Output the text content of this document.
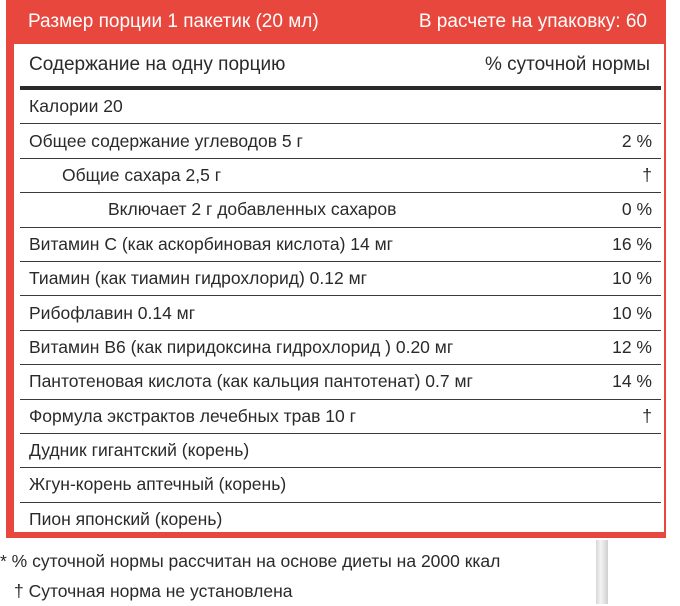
Размер порции 1 пакетик (20 мл)	В расчете на упаковку: 60
Содержание на одну порцию	% суточной нормы
Калории 20
Общее содержание углеводов 5 г	2 %
Общие сахара 2,5 г	†
Включает 2 г добавленных сахаров	0 %
Витамин C (как аскорбиновая кислота) 14 мг	16 %
Тиамин (как тиамин гидрохлорид) 0.12 мг	10 %
Рибофлавин 0.14 мг	10 %
Витамин B6 (как пиридоксина гидрохлорид ) 0.20 мг	12 %
Пантотеновая кислота (как кальция пантотенат) 0.7 мг	14 %
Формула экстрактов лечебных трав 10 г	†
Дудник гигантский (корень)
Жгун-корень аптечный (корень)
Пион японский (корень)
* % суточной нормы рассчитан на основе диеты на 2000 ккал
† Суточная норма не установлена
